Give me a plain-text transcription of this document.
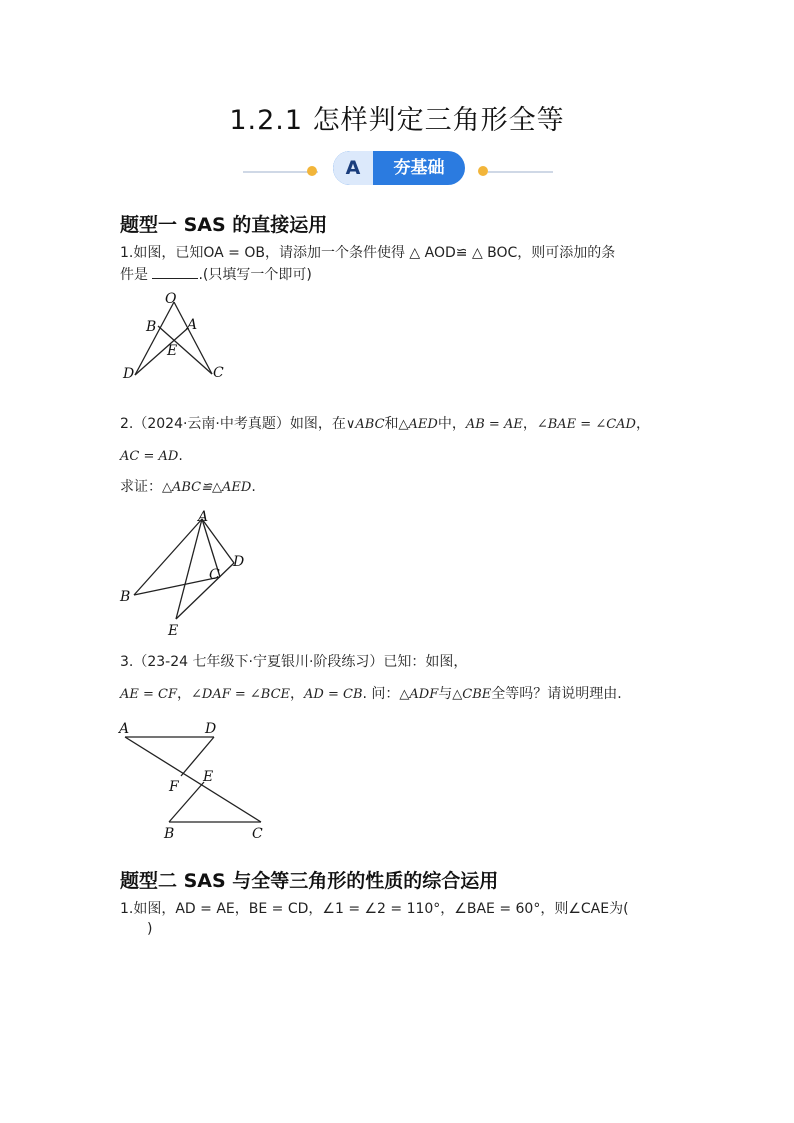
1.2.1 怎样判定三角形全等
A	夯基础
题型一 SAS 的直接运用
1.如图，已知OA = OB，请添加一个条件使得 △ AOD≌ △ BOC，则可添加的条
件是	.(只填写一个即可)
O
A
B
E
C
D
2.（2024·云南·中考真题）如图，在∨ABC和△AED中，AB = AE，∠BAE = ∠CAD，
AC = AD.
求证：△ABC≌△AED.
A
B
C
D
E
3.（23-24 七年级下·宁夏银川·阶段练习）已知：如图，
AE = CF，∠DAF = ∠BCE，AD = CB. 问：△ADF与△CBE全等吗？请说明理由.
A	D
F
E
B	C
题型二 SAS 与全等三角形的性质的综合运用
1.如图，AD = AE，BE = CD，∠1 = ∠2 = 110°，∠BAE = 60°，则∠CAE为(
)
